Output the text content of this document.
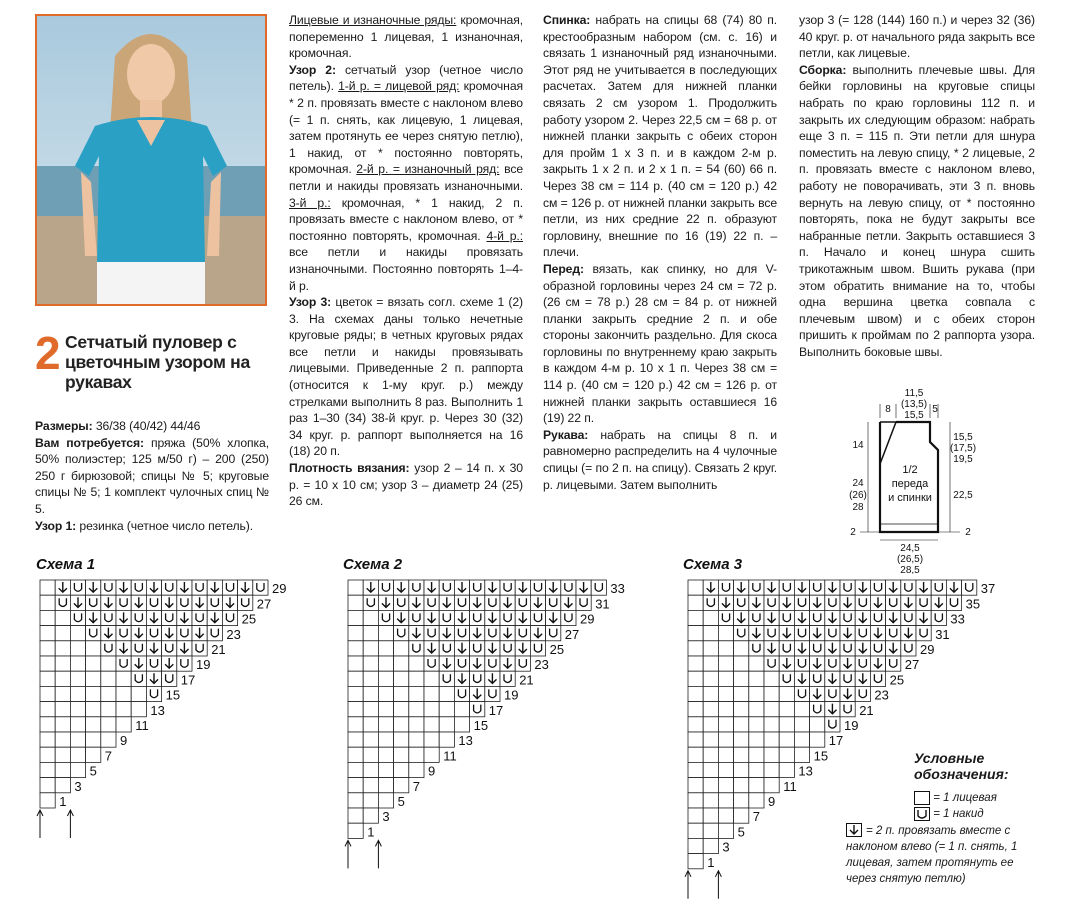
2 Сетчатый пуловер с цветочным узором на рукавах

Размеры: 36/38 (40/42) 44/46

Вам потребуется: пряжа (50% хлопка, 50% полиэстер; 125 м/50 г) – 200 (250) 250 г бирюзовой; спицы № 5; круговые спицы № 5; 1 комплект чулочных спиц № 5.

Узор 1: резинка (четное число петель).

Лицевые и изнаночные ряды: кромочная, попеременно 1 лицевая, 1 изнаночная, кромочная.

Узор 2: сетчатый узор (четное число петель). 1-й р. = лицевой ряд: кромочная * 2 п. провязать вместе с наклоном влево (= 1 п. снять, как лицевую, 1 лицевая, затем протянуть ее через снятую петлю), 1 накид, от * постоянно повторять, кромочная. 2-й р. = изнаночный ряд: все петли и накиды провязать изнаночными. 3-й р.: кромочная, * 1 накид, 2 п. провязать вместе с наклоном влево, от * постоянно повторять, кромочная. 4-й р.: все петли и накиды провязать изнаночными. Постоянно повторять 1–4-й р.

Узор 3: цветок = вязать согл. схеме 1 (2) 3. На схемах даны только нечетные круговые ряды; в четных круговых рядах все петли и накиды провязывать лицевыми. Приведенные 2 п. раппорта (относится к 1-му круг. р.) между стрелками выполнить 8 раз. Выполнить 1 раз 1–30 (34) 38-й круг. р. Через 30 (32) 34 круг. р. раппорт выполняется на 16 (18) 20 п.

Плотность вязания: узор 2 – 14 п. х 30 р. = 10 х 10 см; узор 3 – диаметр 24 (25) 26 см.

Спинка: набрать на спицы 68 (74) 80 п. крестообразным набором (см. с. 16) и связать 1 изнаночный ряд изнаночными. Этот ряд не учитывается в последующих расчетах. Затем для нижней планки связать 2 см узором 1. Продолжить работу узором 2. Через 22,5 см = 68 р. от нижней планки закрыть с обеих сторон для пройм 1 х 3 п. и в каждом 2-м р. закрыть 1 х 2 п. и 2 х 1 п. = 54 (60) 66 п. Через 38 см = 114 р. (40 см = 120 р.) 42 см = 126 р. от нижней планки закрыть все петли, из них средние 22 п. образуют горловину, внешние по 16 (19) 22 п. – плечи.

Перед: вязать, как спинку, но для V-образной горловины через 24 см = 72 р. (26 см = 78 р.) 28 см = 84 р. от нижней планки закрыть средние 2 п. и обе стороны закончить раздельно. Для скоса горловины по внутреннему краю закрыть в каждом 4-м р. 10 х 1 п. Через 38 см = 114 р. (40 см = 120 р.) 42 см = 126 р. от нижней планки закрыть оставшиеся 16 (19) 22 п.

Рукава: набрать на спицы 8 п. и равномерно распределить на 4 чулочные спицы (= по 2 п. на спицу). Связать 2 круг. р. лицевыми. Затем выполнить

узор 3 (= 128 (144) 160 п.) и через 32 (36) 40 круг. р. от начального ряда закрыть все петли, как лицевые.

Сборка: выполнить плечевые швы. Для бейки горловины на круговые спицы набрать по краю горловины 112 п. и закрыть их следующим образом: набрать еще 3 п. = 115 п. Эти петли для шнура поместить на левую спицу, * 2 лицевые, 2 п. провязать вместе с наклоном влево, работу не поворачивать, эти 3 п. вновь вернуть на левую спицу, от * постоянно повторять, пока не будут закрыты все набранные петли. Закрыть оставшиеся 3 п. Начало и конец шнура сшить трикотажным швом. Вшить рукава (при этом обратить внимание на то, чтобы одна вершина цветка совпала с плечевым швом) и с обеих сторон пришить к проймам по 2 раппорта узора. Выполнить боковые швы.

8
11,5
(13,5)
15,5
5
14
24
(26)
28
15,5
(17,5)
19,5
22,5
1/2
переда
и спинки
24,5
(26,5)
28,5
2	2
Схема 1	Схема 2	Схема 3
29
27
25
23
21
19
17
15
13
11
9
7
5
3
1
33
31
29
27
25
23
21
19
17
15
13
11
9
7
5
3
1
37
35
33
31
29
27
25
23
21
19
17
15
13
11
9
7
5
3
1
Условные
обозначения:
= 1 лицевая
= 1 накид
= 2 п. провязать вместе с наклоном влево (= 1 п. снять, 1 лицевая, затем протянуть ее через снятую петлю)
